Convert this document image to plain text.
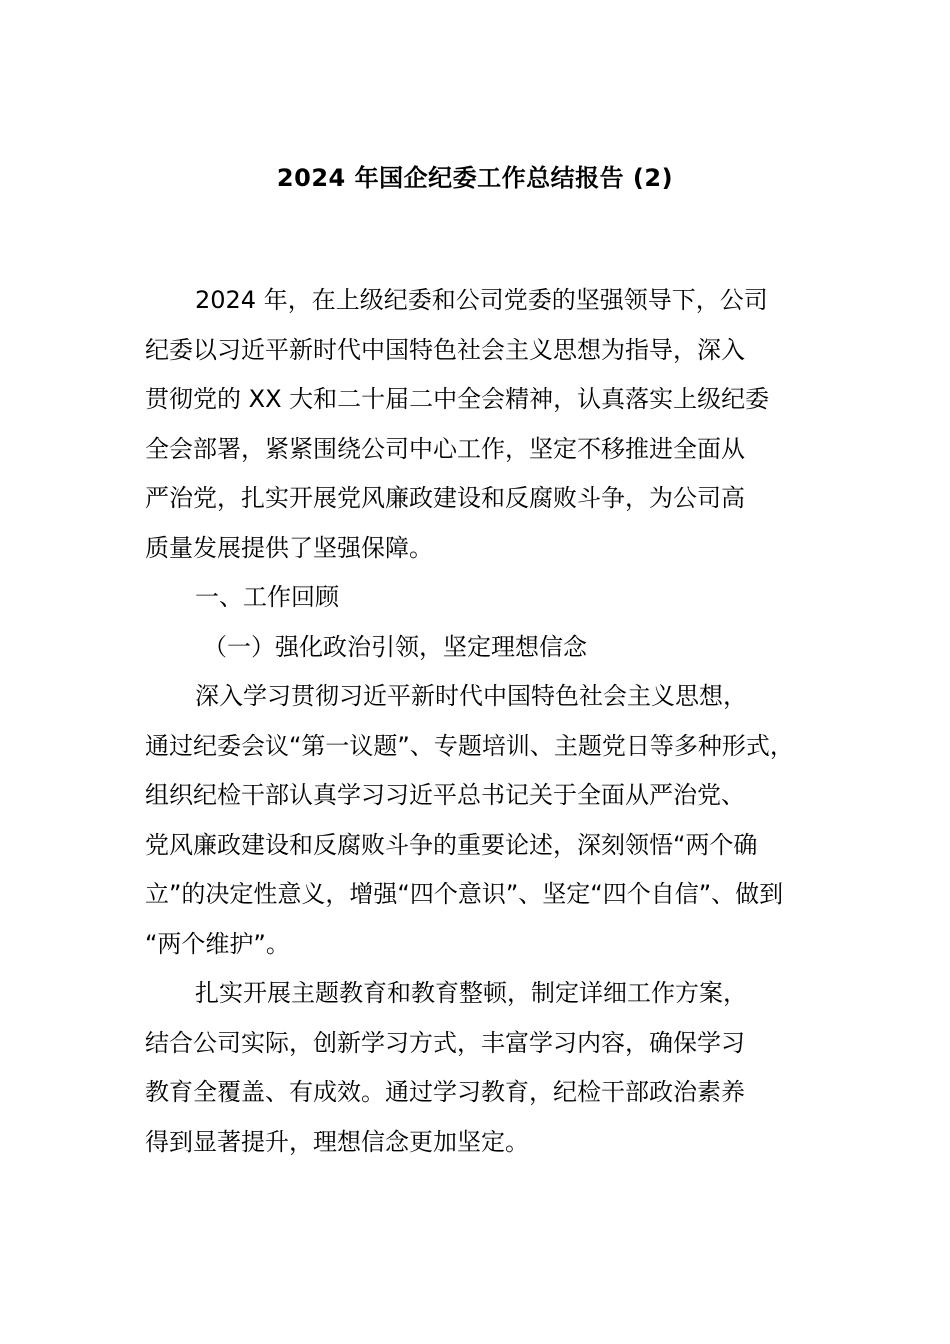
2024 年国企纪委工作总结报告 (2)
2024 年，在上级纪委和公司党委的坚强领导下，公司
纪委以习近平新时代中国特色社会主义思想为指导，深入
贯彻党的 XX 大和二十届二中全会精神，认真落实上级纪委
全会部署，紧紧围绕公司中心工作，坚定不移推进全面从
严治党，扎实开展党风廉政建设和反腐败斗争，为公司高
质量发展提供了坚强保障。
一、工作回顾
（一）强化政治引领，坚定理想信念
深入学习贯彻习近平新时代中国特色社会主义思想，
通过纪委会议“第一议题”、专题培训、主题党日等多种形式，
组织纪检干部认真学习习近平总书记关于全面从严治党、
党风廉政建设和反腐败斗争的重要论述，深刻领悟“两个确
立”的决定性意义，增强“四个意识”、坚定“四个自信”、做到
“两个维护”。
扎实开展主题教育和教育整顿，制定详细工作方案，
结合公司实际，创新学习方式，丰富学习内容，确保学习
教育全覆盖、有成效。通过学习教育，纪检干部政治素养
得到显著提升，理想信念更加坚定。
